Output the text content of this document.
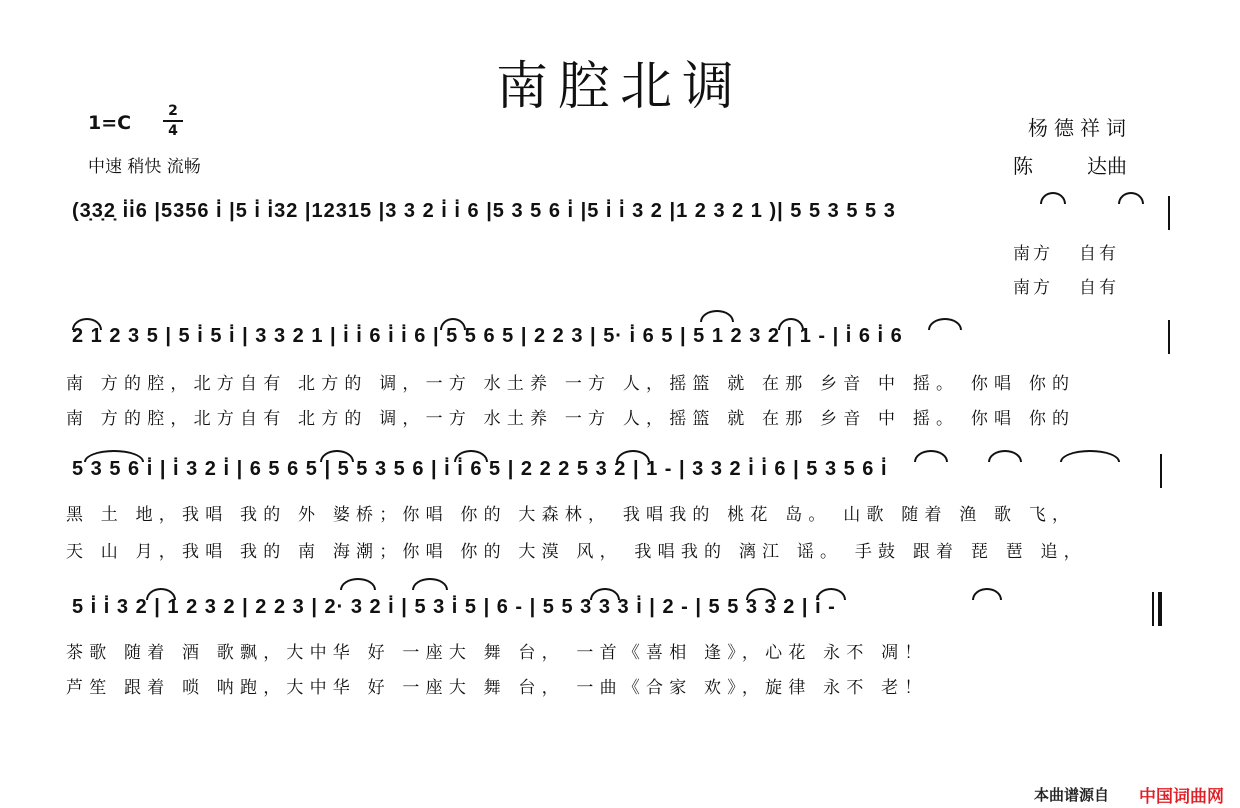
南腔北调
1=C
2
4
中速 稍快 流畅
杨德祥词
陈	达曲
(3̣3̣2̣ i̇i̇6 |5356 i̇ |5 i̇ i̇32 |12315 |3 3 2 i̇ i̇ 6 |5 3 5 6 i̇ |5 i̇ i̇ 3 2 |1 2 3 2 1 )| 5 5 3 5 5 3
南方 自有
南方 自有
2 1 2 3 5 | 5 i̇ 5 i̇ | 3 3 2 1 | i̇ i̇ 6 i̇ i̇ 6 | 5 5 6 5 | 2 2 3 | 5· i̇ 6 5 | 5 1 2 3 2 | 1 - | i̇ 6 i̇ 6
南 方的腔，北方自有 北方的 调，一方 水土养 一方 人，摇篮 就 在那 乡音 中 摇。 你唱 你的
南 方的腔，北方自有 北方的 调，一方 水土养 一方 人，摇篮 就 在那 乡音 中 摇。 你唱 你的
5 3 5 6 i̇ | i̇ 3 2 i̇ | 6 5 6 5 | 5 5 3 5 6 | i̇ i̇ 6 5 | 2 2 2 5 3 2 | 1 - | 3 3 2 i̇ i̇ 6 | 5 3 5 6 i̇
黑 土 地，我唱 我的 外 婆桥；你唱 你的 大森林， 我唱我的 桃花 岛。 山歌 随着 渔 歌 飞，
天 山 月，我唱 我的 南 海潮；你唱 你的 大漠 风， 我唱我的 漓江 谣。 手鼓 跟着 琵 琶 追，
5 i̇ i̇ 3 2 | 1 2 3 2 | 2 2 3 | 2· 3 2 i̇ | 5 3 i̇ 5 | 6 - | 5 5 3 3 3 i̇ | 2 - | 5 5 3 3 2 | i̇ -
茶歌 随着 酒 歌飘，大中华 好 一座大 舞 台， 一首《喜相 逢》，心花 永不 凋！
芦笙 跟着 唢 呐跑，大中华 好 一座大 舞 台， 一曲《合家 欢》，旋律 永不 老！
本曲谱源自 中国词曲网
